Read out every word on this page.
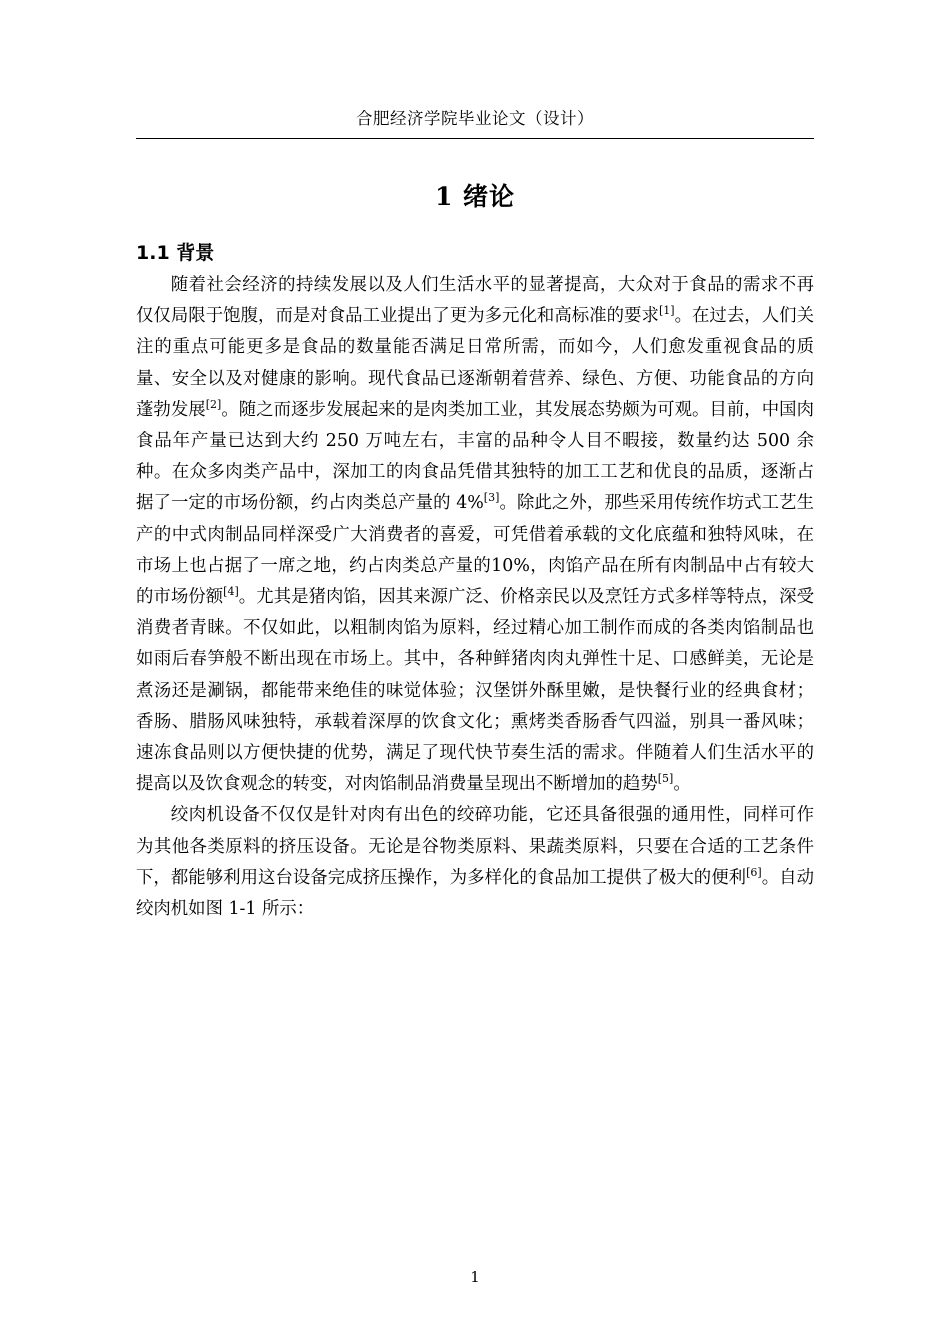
合肥经济学院毕业论文（设计）
1 绪论
1.1 背景

随着社会经济的持续发展以及人们生活水平的显著提高，大众对于食品的需求不再仅仅局限于饱腹，而是对食品工业提出了更为多元化和高标准的要求[1]。在过去，人们关注的重点可能更多是食品的数量能否满足日常所需，而如今，人们愈发重视食品的质量、安全以及对健康的影响。现代食品已逐渐朝着营养、绿色、方便、功能食品的方向蓬勃发展[2]。随之而逐步发展起来的是肉类加工业，其发展态势颇为可观。目前，中国肉食品年产量已达到大约 250 万吨左右，丰富的品种令人目不暇接，数量约达 500 余种。在众多肉类产品中，深加工的肉食品凭借其独特的加工工艺和优良的品质，逐渐占据了一定的市场份额，约占肉类总产量的 4%[3]。除此之外，那些采用传统作坊式工艺生产的中式肉制品同样深受广大消费者的喜爱，可凭借着承载的文化底蕴和独特风味，在市场上也占据了一席之地，约占肉类总产量的10%，肉馅产品在所有肉制品中占有较大的市场份额[4]。尤其是猪肉馅，因其来源广泛、价格亲民以及烹饪方式多样等特点，深受消费者青睐。不仅如此，以粗制肉馅为原料，经过精心加工制作而成的各类肉馅制品也如雨后春笋般不断出现在市场上。其中，各种鲜猪肉肉丸弹性十足、口感鲜美，无论是煮汤还是涮锅，都能带来绝佳的味觉体验；汉堡饼外酥里嫩，是快餐行业的经典食材；香肠、腊肠风味独特，承载着深厚的饮食文化；熏烤类香肠香气四溢，别具一番风味；速冻食品则以方便快捷的优势，满足了现代快节奏生活的需求。伴随着人们生活水平的提高以及饮食观念的转变，对肉馅制品消费量呈现出不断增加的趋势[5]。

绞肉机设备不仅仅是针对肉有出色的绞碎功能，它还具备很强的通用性，同样可作为其他各类原料的挤压设备。无论是谷物类原料、果蔬类原料，只要在合适的工艺条件下，都能够利用这台设备完成挤压操作，为多样化的食品加工提供了极大的便利[6]。自动绞肉机如图 1-1 所示：

1
